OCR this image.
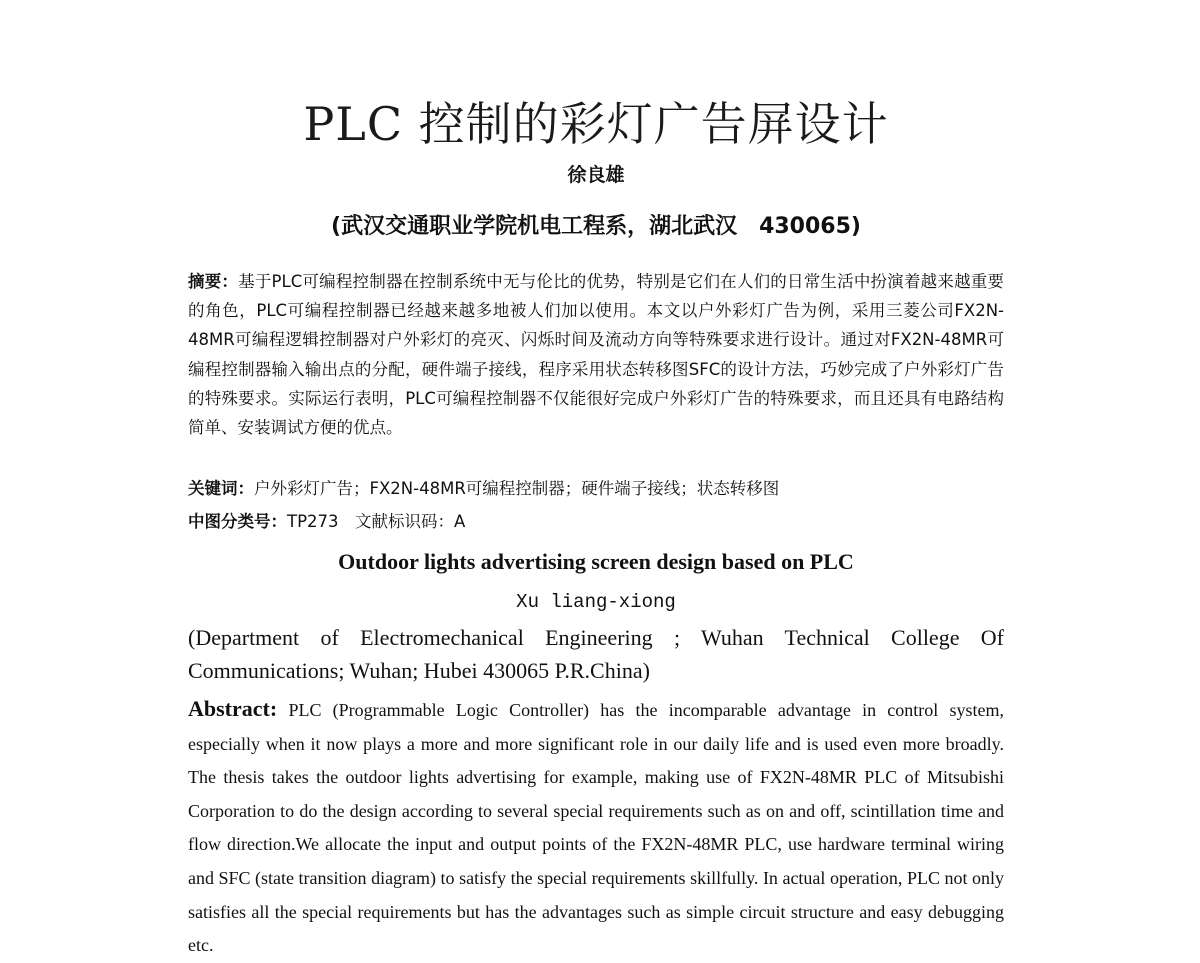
PLC 控制的彩灯广告屏设计
徐良雄
(武汉交通职业学院机电工程系，湖北武汉　430065)

摘要：基于PLC可编程控制器在控制系统中无与伦比的优势，特别是它们在人们的日常生活中扮演着越来越重要的角色，PLC可编程控制器已经越来越多地被人们加以使用。本文以户外彩灯广告为例，采用三菱公司FX2N-48MR可编程逻辑控制器对户外彩灯的亮灭、闪烁时间及流动方向等特殊要求进行设计。通过对FX2N-48MR可编程控制器输入输出点的分配，硬件端子接线，程序采用状态转移图SFC的设计方法，巧妙完成了户外彩灯广告的特殊要求。实际运行表明，PLC可编程控制器不仅能很好完成户外彩灯广告的特殊要求，而且还具有电路结构简单、安装调试方便的优点。

关键词：户外彩灯广告；FX2N-48MR可编程控制器；硬件端子接线；状态转移图
中图分类号：TP273　文献标识码：A
Outdoor lights advertising screen design based on PLC
Xu liang-xiong

(Department of Electromechanical Engineering ; Wuhan Technical College Of Communications; Wuhan; Hubei 430065 P.R.China)

Abstract: PLC (Programmable Logic Controller) has the incomparable advantage in control system, especially when it now plays a more and more significant role in our daily life and is used even more broadly. The thesis takes the outdoor lights advertising for example, making use of FX2N-48MR PLC of Mitsubishi Corporation to do the design according to several special requirements such as on and off, scintillation time and flow direction.We allocate the input and output points of the FX2N-48MR PLC, use hardware terminal wiring and SFC (state transition diagram) to satisfy the special requirements skillfully. In actual operation, PLC not only satisfies all the special requirements but has the advantages such as simple circuit structure and easy debugging etc.
